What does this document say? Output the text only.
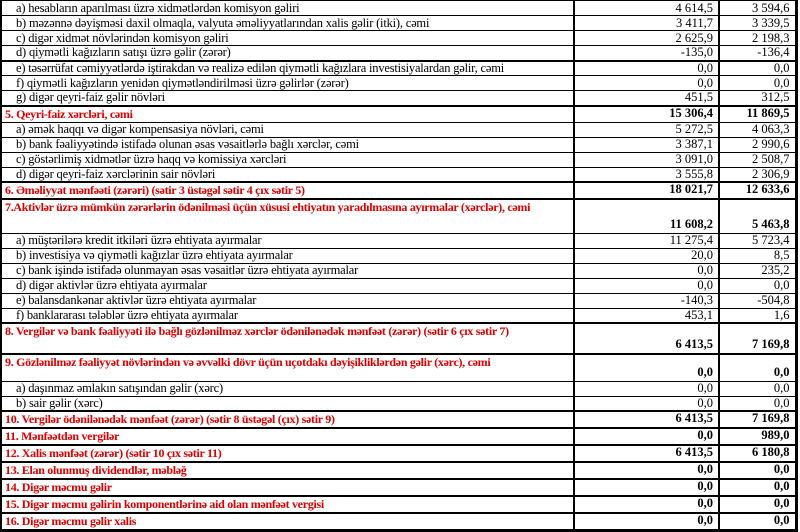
a) hesabların aparılması üzrə xidmətlərdən komisyon gəliri	4 614,5	3 594,6
b) məzənnə dəyişməsi daxil olmaqla, valyuta əməliyyatlarından xalis gəlir (itki), cəmi	3 411,7	3 339,5
c) digər xidmət növlərindən komisyon gəliri	2 625,9	2 198,3
d) qiymətli kağızların satışı üzrə gəlir (zərər)	-135,0	-136,4
e) təsərrüfat cəmiyyətlərdə iştirakdan və realizə edilən qiymətli kağızlara investisiyalardan gəlir, cəmi	0,0	0,0
f) qiymətli kağızların yenidən qiymətləndirilməsi üzrə gəlirlər (zərər)	0,0	0,0
g) digər qeyri-faiz gəlir növləri	451,5	312,5
5. Qeyri-faiz xərcləri, cəmi	15 306,4	11 869,5
a) əmək haqqı və digər kompensasiya növləri, cəmi	5 272,5	4 063,3
b) bank fəaliyyətində istifadə olunan əsas vəsaitlərlə bağlı xərclər, cəmi	3 387,1	2 990,6
c) göstərlimiş xidmətlər üzrə haqq və komissiya xərcləri	3 091,0	2 508,7
d) digər qeyri-faiz xərclərinin sair növləri	3 555,8	2 306,9
6. Əməliyyat mənfəəti (zərəri) (sətir 3 üstəgəl sətir 4 çıx sətir 5)	18 021,7	12 633,6
7.Aktivlər üzrə mümkün zərərlərin ödənilməsi üçün xüsusi ehtiyatın yaradılmasına ayırmalar (xərclər), cəmi	11 608,2	5 463,8
a) müştərilərə kredit itkiləri üzrə ehtiyata ayırmalar	11 275,4	5 723,4
b) investisiya və qiymətli kağızlar üzrə ehtiyata ayırmalar	20,0	8,5
c) bank işində istifadə olunmayan əsas vəsaitlər üzrə ehtiyata ayırmalar	0,0	235,2
d) digər aktivlər üzrə ehtiyata ayırmalar	0,0	0,0
e) balansdankənar aktivlər üzrə ehtiyata ayırmalar	-140,3	-504,8
f) banklararası tələblər üzrə ehtiyata ayırmalar	453,1	1,6
8. Vergilər və bank fəaliyyəti ilə bağlı gözlənilməz xərclər ödənilənədək mənfəət (zərər) (sətir 6 çıx sətir 7)	6 413,5	7 169,8
9. Gözlənilməz fəaliyyət növlərindən və əvvəlki dövr üçün uçotdakı dəyişikliklərdən gəlir (xərc), cəmi	0,0	0,0
a) daşınmaz əmlakın satışından gəlir (xərc)	0,0	0,0
b) sair gəlir (xərc)	0,0	0,0
10. Vergilər ödənilənədək mənfəət (zərər) (sətir 8 üstəgəl (çıx) sətir 9)	6 413,5	7 169,8
11. Mənfəətdən vergilər	0,0	989,0
12. Xalis mənfəət (zərər) (sətir 10 çıx sətir 11)	6 413,5	6 180,8
13. Elan olunmuş dividendlər, məbləğ	0,0	0,0
14. Digər məcmu gəlir	0,0	0,0
15. Digər məcmu gəlirin komponentlərinə aid olan mənfəət vergisi	0,0	0,0
16. Digər məcmu gəlir xalis	0,0	0,0
